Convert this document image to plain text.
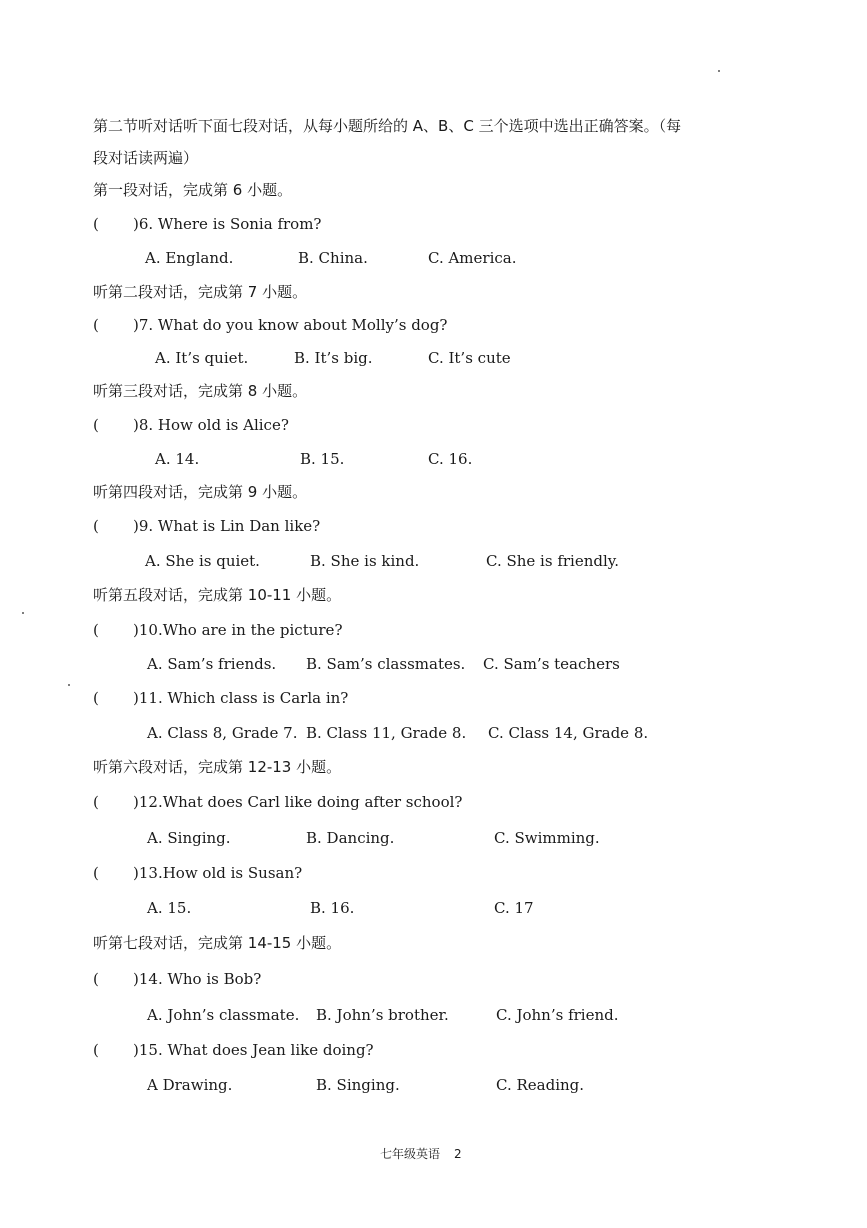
第二节听对话听下面七段对话，从每小题所给的 A、B、C 三个选项中选出正确答案。（每
段对话读两遍）
第一段对话，完成第 6 小题。
( )6. Where is Sonia from?
A. England.	B. China.	C. America.
听第二段对话，完成第 7 小题。
( )7. What do you know about Molly’s dog?
A. It’s quiet.	B. It’s big.	C. It’s cute
听第三段对话，完成第 8 小题。
( )8. How old is Alice?
A. 14.	B. 15.	C. 16.
听第四段对话，完成第 9 小题。
( )9. What is Lin Dan like?
A. She is quiet.	B. She is kind.	C. She is friendly.
听第五段对话，完成第 10-11 小题。
( )10.Who are in the picture?
A. Sam’s friends. B. Sam’s classmates. C. Sam’s teachers
( )11. Which class is Carla in?
A. Class 8, Grade 7. B. Class 11, Grade 8. C. Class 14, Grade 8.
听第六段对话，完成第 12-13 小题。
( )12.What does Carl like doing after school?
A. Singing.	B. Dancing.	C. Swimming.
( )13.How old is Susan?
A. 15.	B. 16.	C. 17
听第七段对话，完成第 14-15 小题。
( )14. Who is Bob?
A. John’s classmate. B. John’s brother.	C. John’s friend.
( )15. What does Jean like doing?
A Drawing.	B. Singing.	C. Reading.
七年级英语 2
